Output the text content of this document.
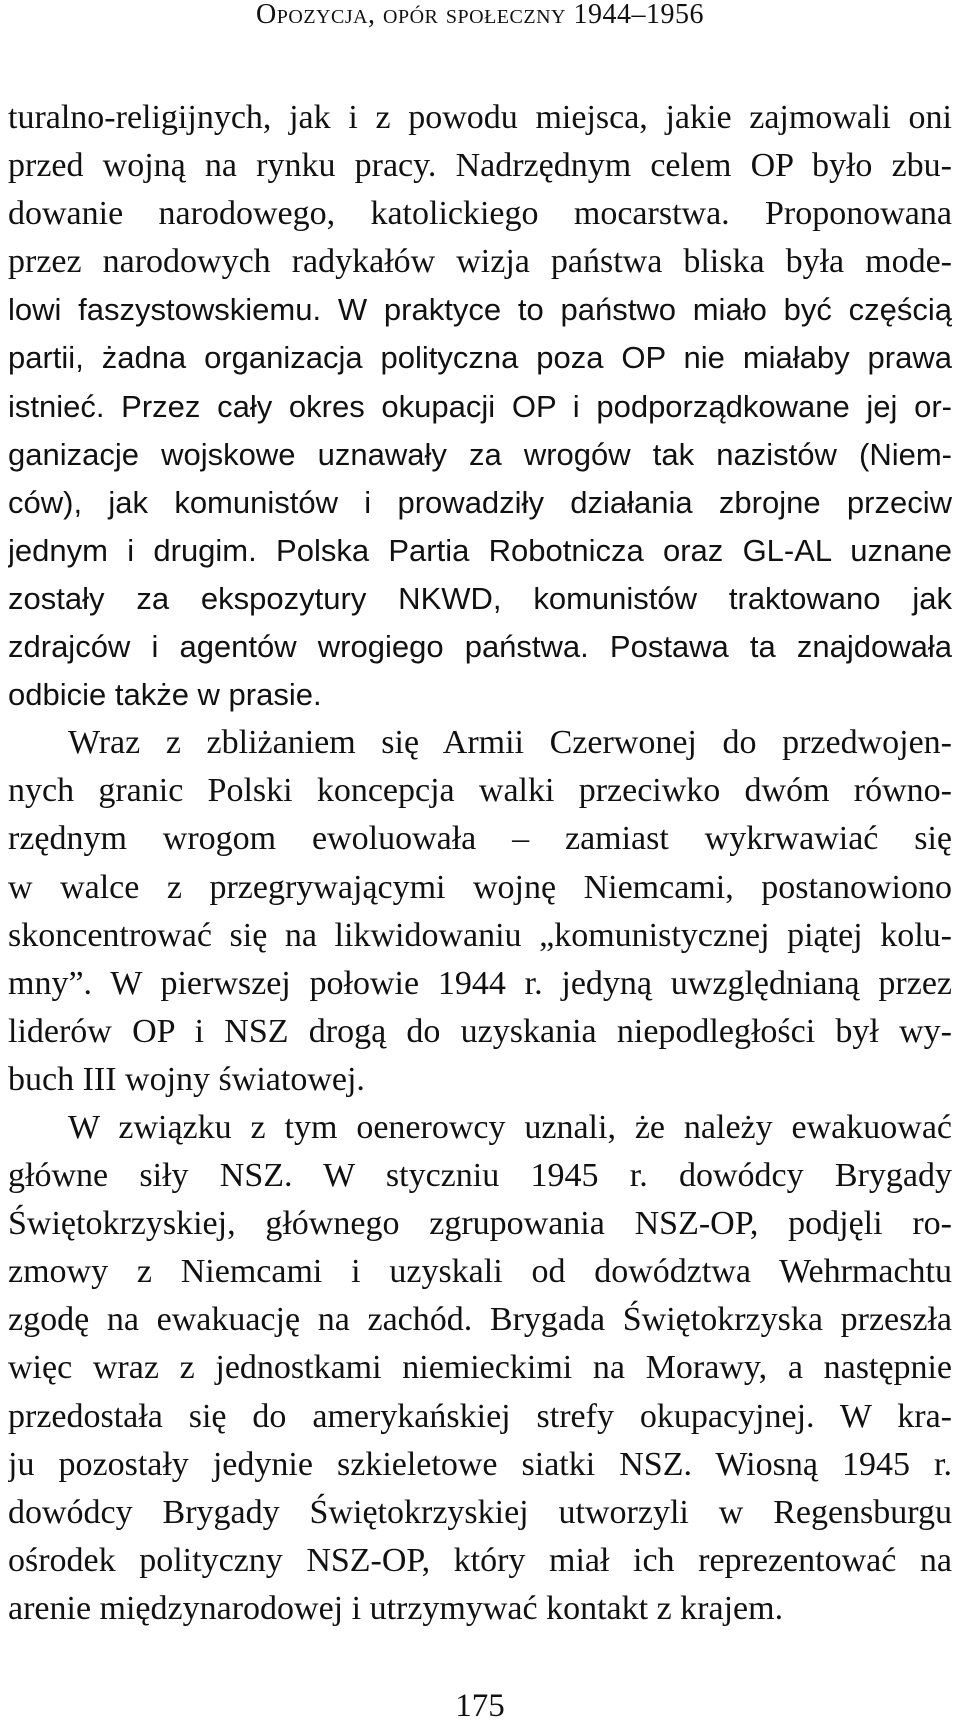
Opozycja, opór społeczny 1944–1956
turalno-religijnych, jak i z powodu miejsca, jakie zajmowali oni
przed wojną na rynku pracy. Nadrzędnym celem OP było zbu-
dowanie narodowego, katolickiego mocarstwa. Proponowana
przez narodowych radykałów wizja państwa bliska była mode-
lowi faszystowskiemu. W praktyce to państwo miało być częścią
partii, żadna organizacja polityczna poza OP nie miałaby prawa
istnieć. Przez cały okres okupacji OP i podporządkowane jej or-
ganizacje wojskowe uznawały za wrogów tak nazistów (Niem-
ców), jak komunistów i prowadziły działania zbrojne przeciw
jednym i drugim. Polska Partia Robotnicza oraz GL-AL uznane
zostały za ekspozytury NKWD, komunistów traktowano jak
zdrajców i agentów wrogiego państwa. Postawa ta znajdowała
odbicie także w prasie.
Wraz z zbliżaniem się Armii Czerwonej do przedwojen-
nych granic Polski koncepcja walki przeciwko dwóm równo-
rzędnym wrogom ewoluowała – zamiast wykrwawiać się
w walce z przegrywającymi wojnę Niemcami, postanowiono
skoncentrować się na likwidowaniu „komunistycznej piątej kolu-
mny”. W pierwszej połowie 1944 r. jedyną uwzględnianą przez
liderów OP i NSZ drogą do uzyskania niepodległości był wy-
buch III wojny światowej.
W związku z tym oenerowcy uznali, że należy ewakuować
główne siły NSZ. W styczniu 1945 r. dowódcy Brygady
Świętokrzyskiej, głównego zgrupowania NSZ-OP, podjęli ro-
zmowy z Niemcami i uzyskali od dowództwa Wehrmachtu
zgodę na ewakuację na zachód. Brygada Świętokrzyska przeszła
więc wraz z jednostkami niemieckimi na Morawy, a następnie
przedostała się do amerykańskiej strefy okupacyjnej. W kra-
ju pozostały jedynie szkieletowe siatki NSZ. Wiosną 1945 r.
dowódcy Brygady Świętokrzyskiej utworzyli w Regensburgu
ośrodek polityczny NSZ-OP, który miał ich reprezentować na
arenie międzynarodowej i utrzymywać kontakt z krajem.
175
